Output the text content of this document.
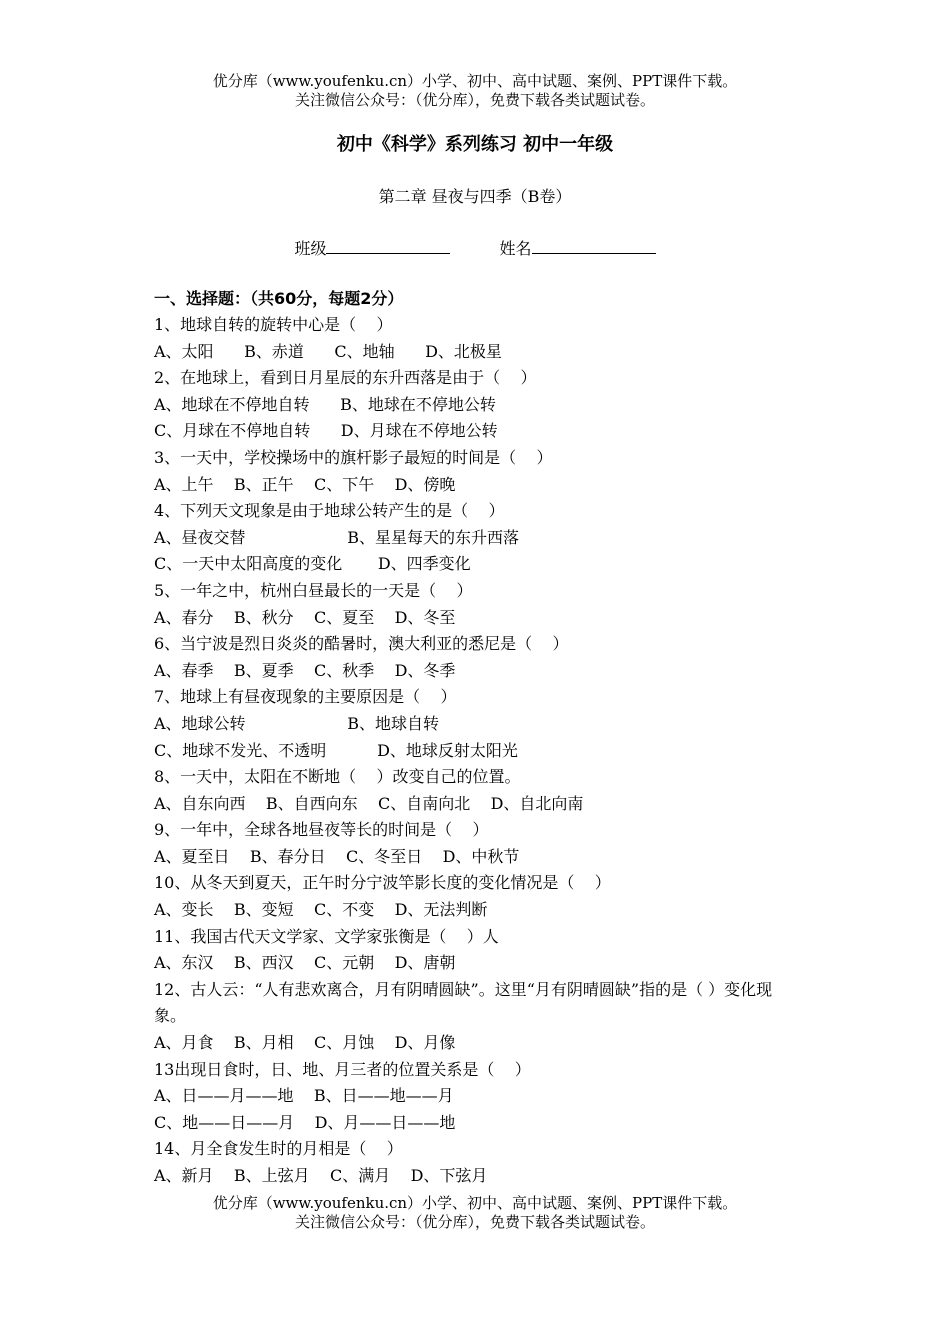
优分库（www.youfenku.cn）小学、初中、高中试题、案例、PPT课件下载。
关注微信公众号：（优分库），免费下载各类试题试卷。
初中《科学》系列练习 初中一年级
第二章 昼夜与四季（B卷）
班级	姓名
一、选择题：（共60分，每题2分）
1、地球自转的旋转中心是（    ）
A、太阳      B、赤道      C、地轴      D、北极星
2、在地球上，看到日月星辰的东升西落是由于（    ）
A、地球在不停地自转      B、地球在不停地公转
C、月球在不停地自转      D、月球在不停地公转
3、一天中，学校操场中的旗杆影子最短的时间是（    ）
A、上午    B、正午    C、下午    D、傍晚
4、下列天文现象是由于地球公转产生的是（    ）
A、昼夜交替                    B、星星每天的东升西落
C、一天中太阳高度的变化       D、四季变化
5、一年之中，杭州白昼最长的一天是（    ）
A、春分    B、秋分    C、夏至    D、冬至
6、当宁波是烈日炎炎的酷暑时，澳大利亚的悉尼是（    ）
A、春季    B、夏季    C、秋季    D、冬季
7、地球上有昼夜现象的主要原因是（    ）
A、地球公转                    B、地球自转
C、地球不发光、不透明          D、地球反射太阳光
8、一天中，太阳在不断地（    ）改变自己的位置。
A、自东向西    B、自西向东    C、自南向北    D、自北向南
9、一年中，全球各地昼夜等长的时间是（    ）
A、夏至日    B、春分日    C、冬至日    D、中秋节
10、从冬天到夏天，正午时分宁波竿影长度的变化情况是（    ）
A、变长    B、变短    C、不变    D、无法判断
11、我国古代天文学家、文学家张衡是（    ）人
A、东汉    B、西汉    C、元朝    D、唐朝
12、古人云：“人有悲欢离合，月有阴晴圆缺”。这里“月有阴晴圆缺”指的是（ ）变化现象。
A、月食    B、月相    C、月蚀    D、月像
13出现日食时，日、地、月三者的位置关系是（    ）
A、日——月——地    B、日——地——月
C、地——日——月    D、月——日——地
14、月全食发生时的月相是（    ）
A、新月    B、上弦月    C、满月    D、下弦月
优分库（www.youfenku.cn）小学、初中、高中试题、案例、PPT课件下载。
关注微信公众号：（优分库），免费下载各类试题试卷。
